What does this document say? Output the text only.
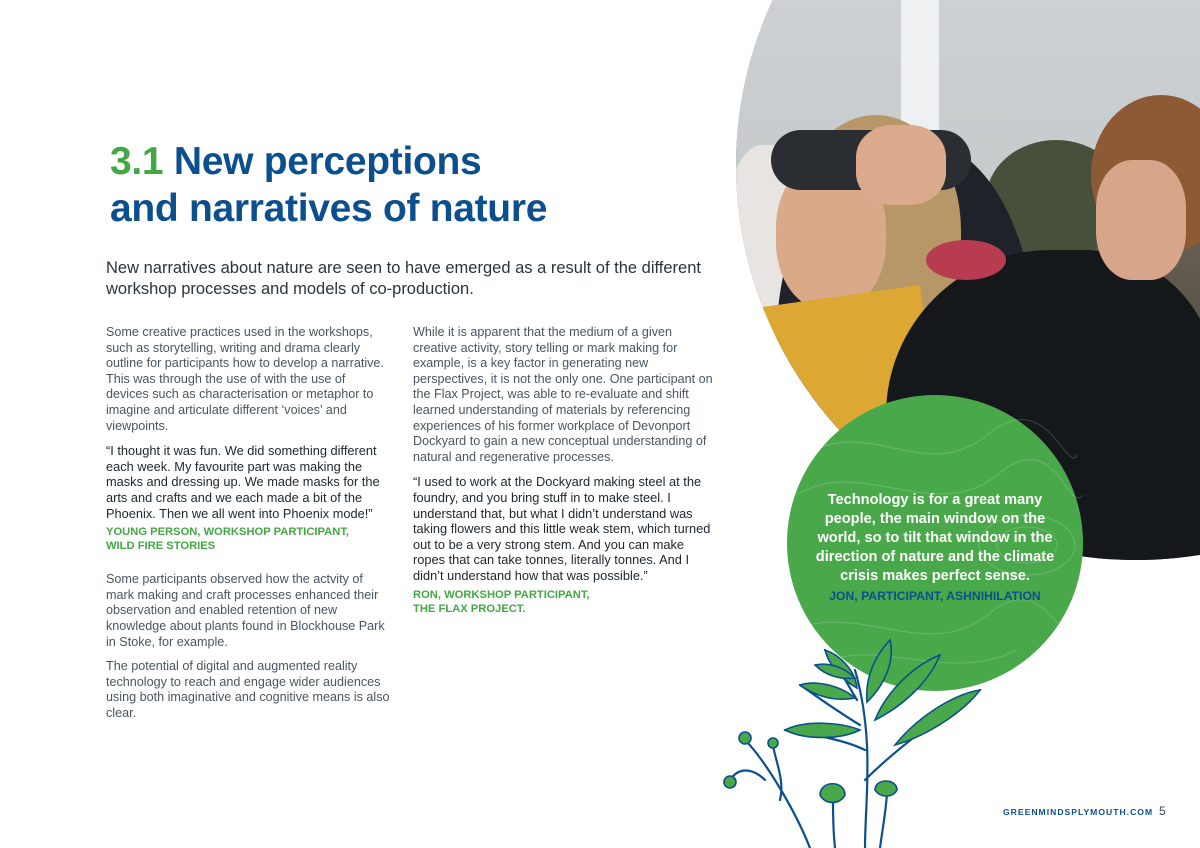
3.1 New perceptions
and narratives of nature

New narratives about nature are seen to have emerged as a result of the different workshop processes and models of co-production.

Some creative practices used in the workshops, such as storytelling, writing and drama clearly outline for participants how to develop a narrative. This was through the use of with the use of devices such as characterisation or metaphor to imagine and articulate different ‘voices’ and viewpoints.

“I thought it was fun. We did something different each week. My favourite part was making the masks and dressing up. We made masks for the arts and crafts and we each made a bit of the Phoenix. Then we all went into Phoenix mode!”

YOUNG PERSON, WORKSHOP PARTICIPANT,
WILD FIRE STORIES

Some participants observed how the actvity of mark making and craft processes enhanced their observation and enabled retention of new knowledge about plants found in Blockhouse Park in Stoke, for example.

The potential of digital and augmented reality technology to reach and engage wider audiences using both imaginative and cognitive means is also clear.

While it is apparent that the medium of a given creative activity, story telling or mark making for example, is a key factor in generating new perspectives, it is not the only one. One participant on the Flax Project, was able to re-evaluate and shift learned understanding of materials by referencing experiences of his former workplace of Devonport Dockyard to gain a new conceptual understanding of natural and regenerative processes.

“I used to work at the Dockyard making steel at the foundry, and you bring stuff in to make steel. I understand that, but what I didn’t understand was taking flowers and this little weak stem, which turned out to be a very strong stem. And you can make ropes that can take tonnes, literally tonnes. And I didn’t understand how that was possible.”

RON, WORKSHOP PARTICIPANT,
THE FLAX PROJECT.

Technology is for a great many people, the main window on the world, so to tilt that window in the direction of nature and the climate crisis makes perfect sense.
JON, PARTICIPANT, ASHNIHILATION
GREENMINDSPLYMOUTH.COM 5
